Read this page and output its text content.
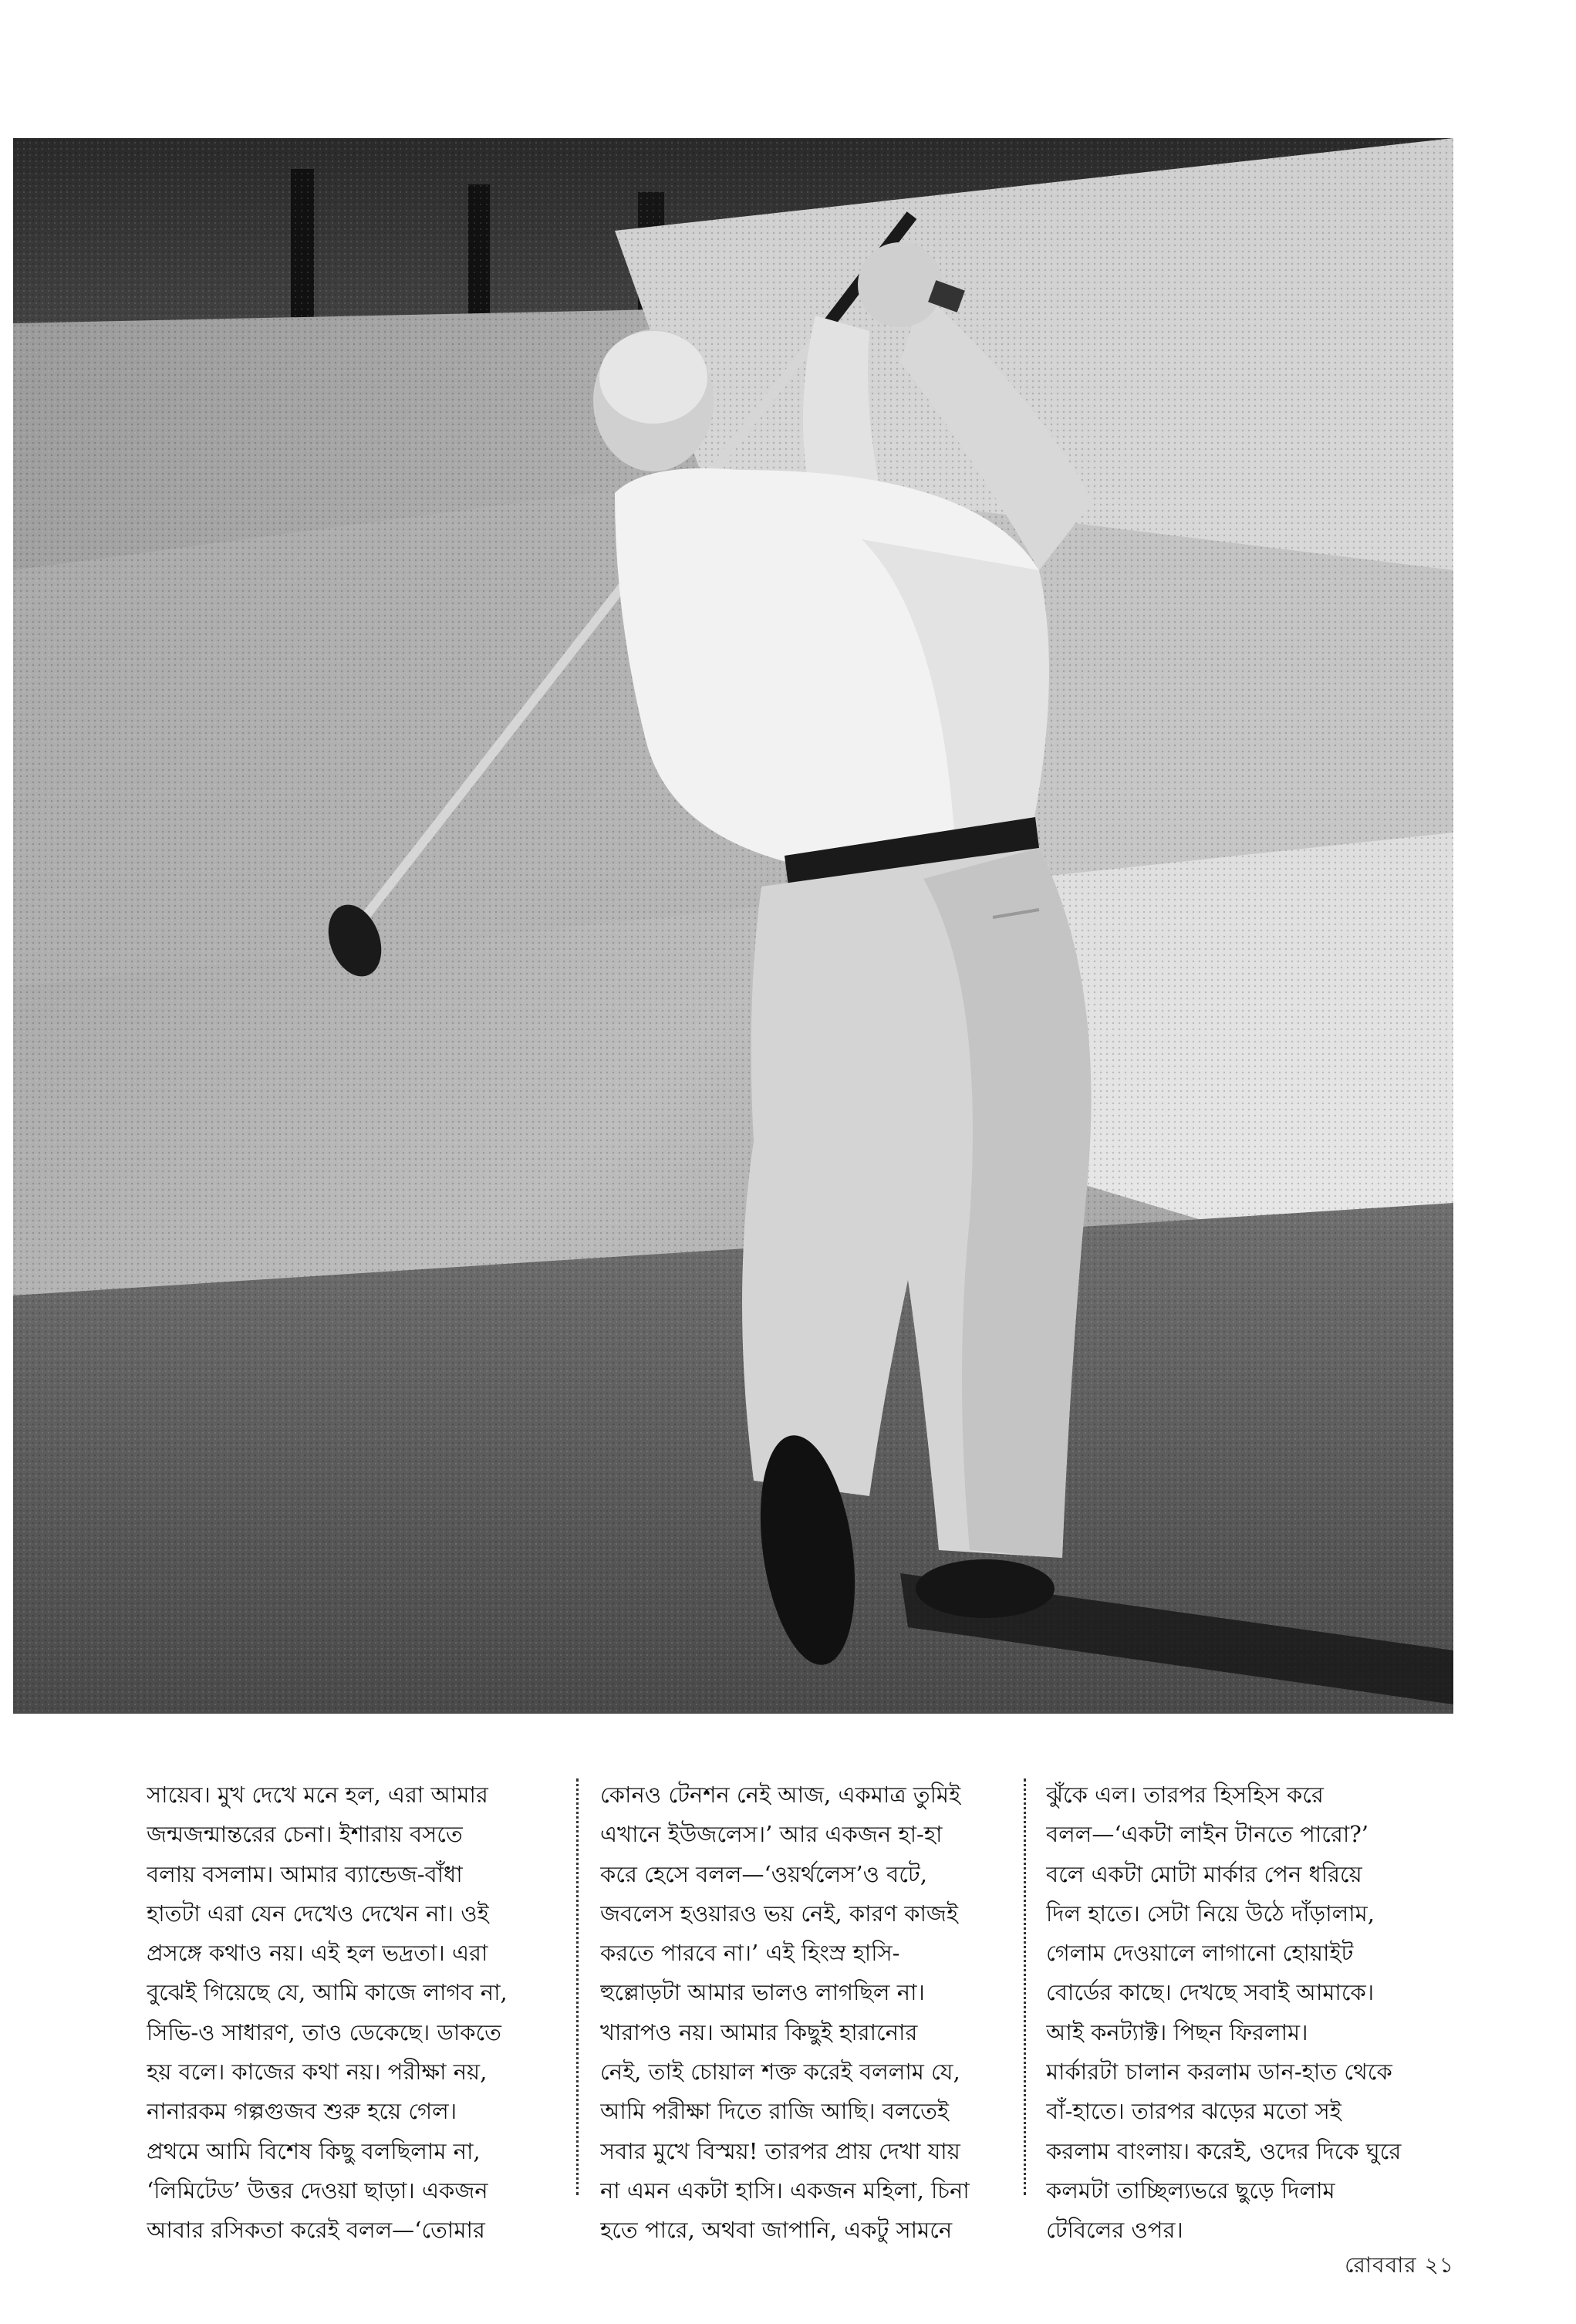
সায়েব। মুখ দেখে মনে হল, এরা আমার
জন্মজন্মান্তরের চেনা। ইশারায় বসতে
বলায় বসলাম। আমার ব্যান্ডেজ-বাঁধা
হাতটা এরা যেন দেখেও দেখেন না। ওই
প্রসঙ্গে কথাও নয়। এই হল ভদ্রতা। এরা
বুঝেই গিয়েছে যে, আমি কাজে লাগব না,
সিভি-ও সাধারণ, তাও ডেকেছে। ডাকতে
হয় বলে। কাজের কথা নয়। পরীক্ষা নয়,
নানারকম গল্পগুজব শুরু হয়ে গেল।
প্রথমে আমি বিশেষ কিছু বলছিলাম না,
‘লিমিটেড’ উত্তর দেওয়া ছাড়া। একজন
আবার রসিকতা করেই বলল—‘তোমার
কোনও টেনশন নেই আজ, একমাত্র তুমিই
এখানে ইউজলেস।’ আর একজন হা-হা
করে হেসে বলল—‘ওয়র্থলেস’ও বটে,
জবলেস হওয়ারও ভয় নেই, কারণ কাজই
করতে পারবে না।’ এই হিংস্র হাসি-
হুল্লোড়টা আমার ভালও লাগছিল না।
খারাপও নয়। আমার কিছুই হারানোর
নেই, তাই চোয়াল শক্ত করেই বললাম যে,
আমি পরীক্ষা দিতে রাজি আছি। বলতেই
সবার মুখে বিস্ময়! তারপর প্রায় দেখা যায়
না এমন একটা হাসি। একজন মহিলা, চিনা
হতে পারে, অথবা জাপানি, একটু সামনে
ঝুঁকে এল। তারপর হিসহিস করে
বলল—‘একটা লাইন টানতে পারো?’
বলে একটা মোটা মার্কার পেন ধরিয়ে
দিল হাতে। সেটা নিয়ে উঠে দাঁড়ালাম,
গেলাম দেওয়ালে লাগানো হোয়াইট
বোর্ডের কাছে। দেখছে সবাই আমাকে।
আই কনট্যাক্ট। পিছন ফিরলাম।
মার্কারটা চালান করলাম ডান-হাত থেকে
বাঁ-হাতে। তারপর ঝড়ের মতো সই
করলাম বাংলায়। করেই, ওদের দিকে ঘুরে
কলমটা তাচ্ছিল্যভরে ছুড়ে দিলাম
টেবিলের ওপর।
রোববার ২১
